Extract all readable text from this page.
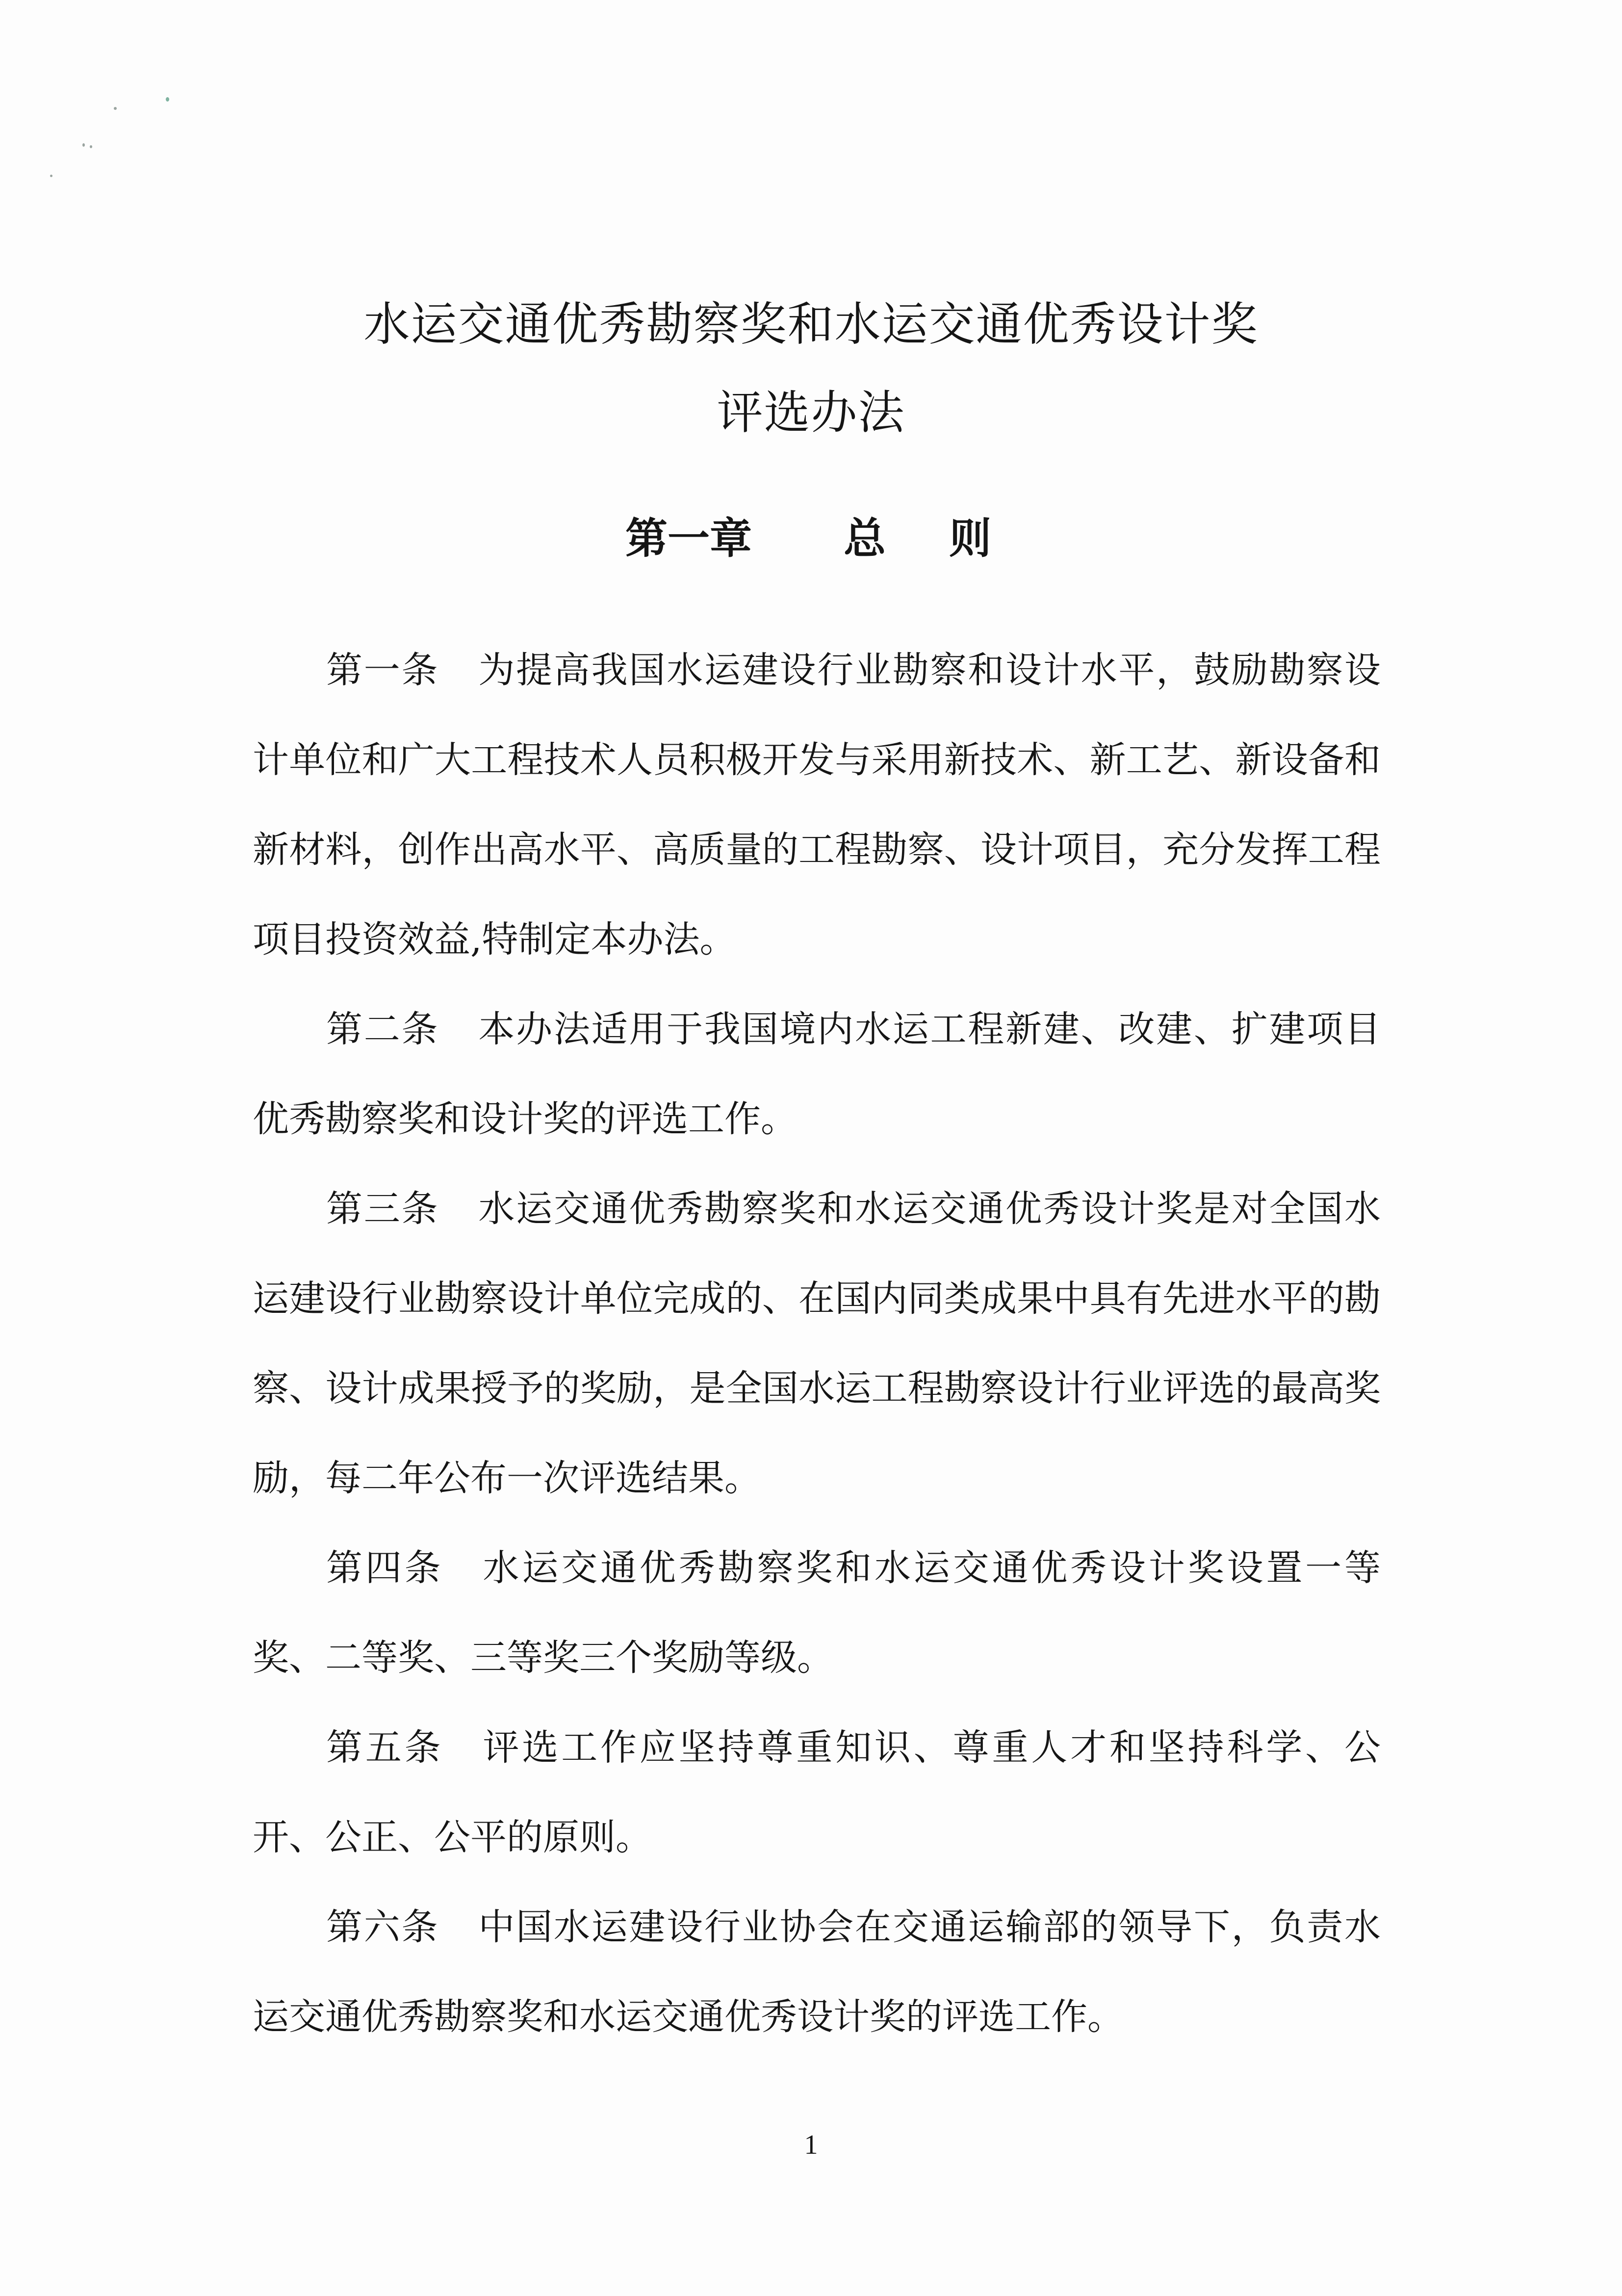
水运交通优秀勘察奖和水运交通优秀设计奖
评选办法
第一章 总 则

第一条 为提高我国水运建设行业勘察和设计水平，鼓励勘察设计单位和广大工程技术人员积极开发与采用新技术、新工艺、新设备和新材料，创作出高水平、高质量的工程勘察、设计项目，充分发挥工程项目投资效益,特制定本办法。

第二条 本办法适用于我国境内水运工程新建、改建、扩建项目优秀勘察奖和设计奖的评选工作。

第三条 水运交通优秀勘察奖和水运交通优秀设计奖是对全国水运建设行业勘察设计单位完成的、在国内同类成果中具有先进水平的勘察、设计成果授予的奖励，是全国水运工程勘察设计行业评选的最高奖励，每二年公布一次评选结果。

第四条 水运交通优秀勘察奖和水运交通优秀设计奖设置一等奖、二等奖、三等奖三个奖励等级。

第五条 评选工作应坚持尊重知识、尊重人才和坚持科学、公开、公正、公平的原则。

第六条 中国水运建设行业协会在交通运输部的领导下，负责水运交通优秀勘察奖和水运交通优秀设计奖的评选工作。

1
